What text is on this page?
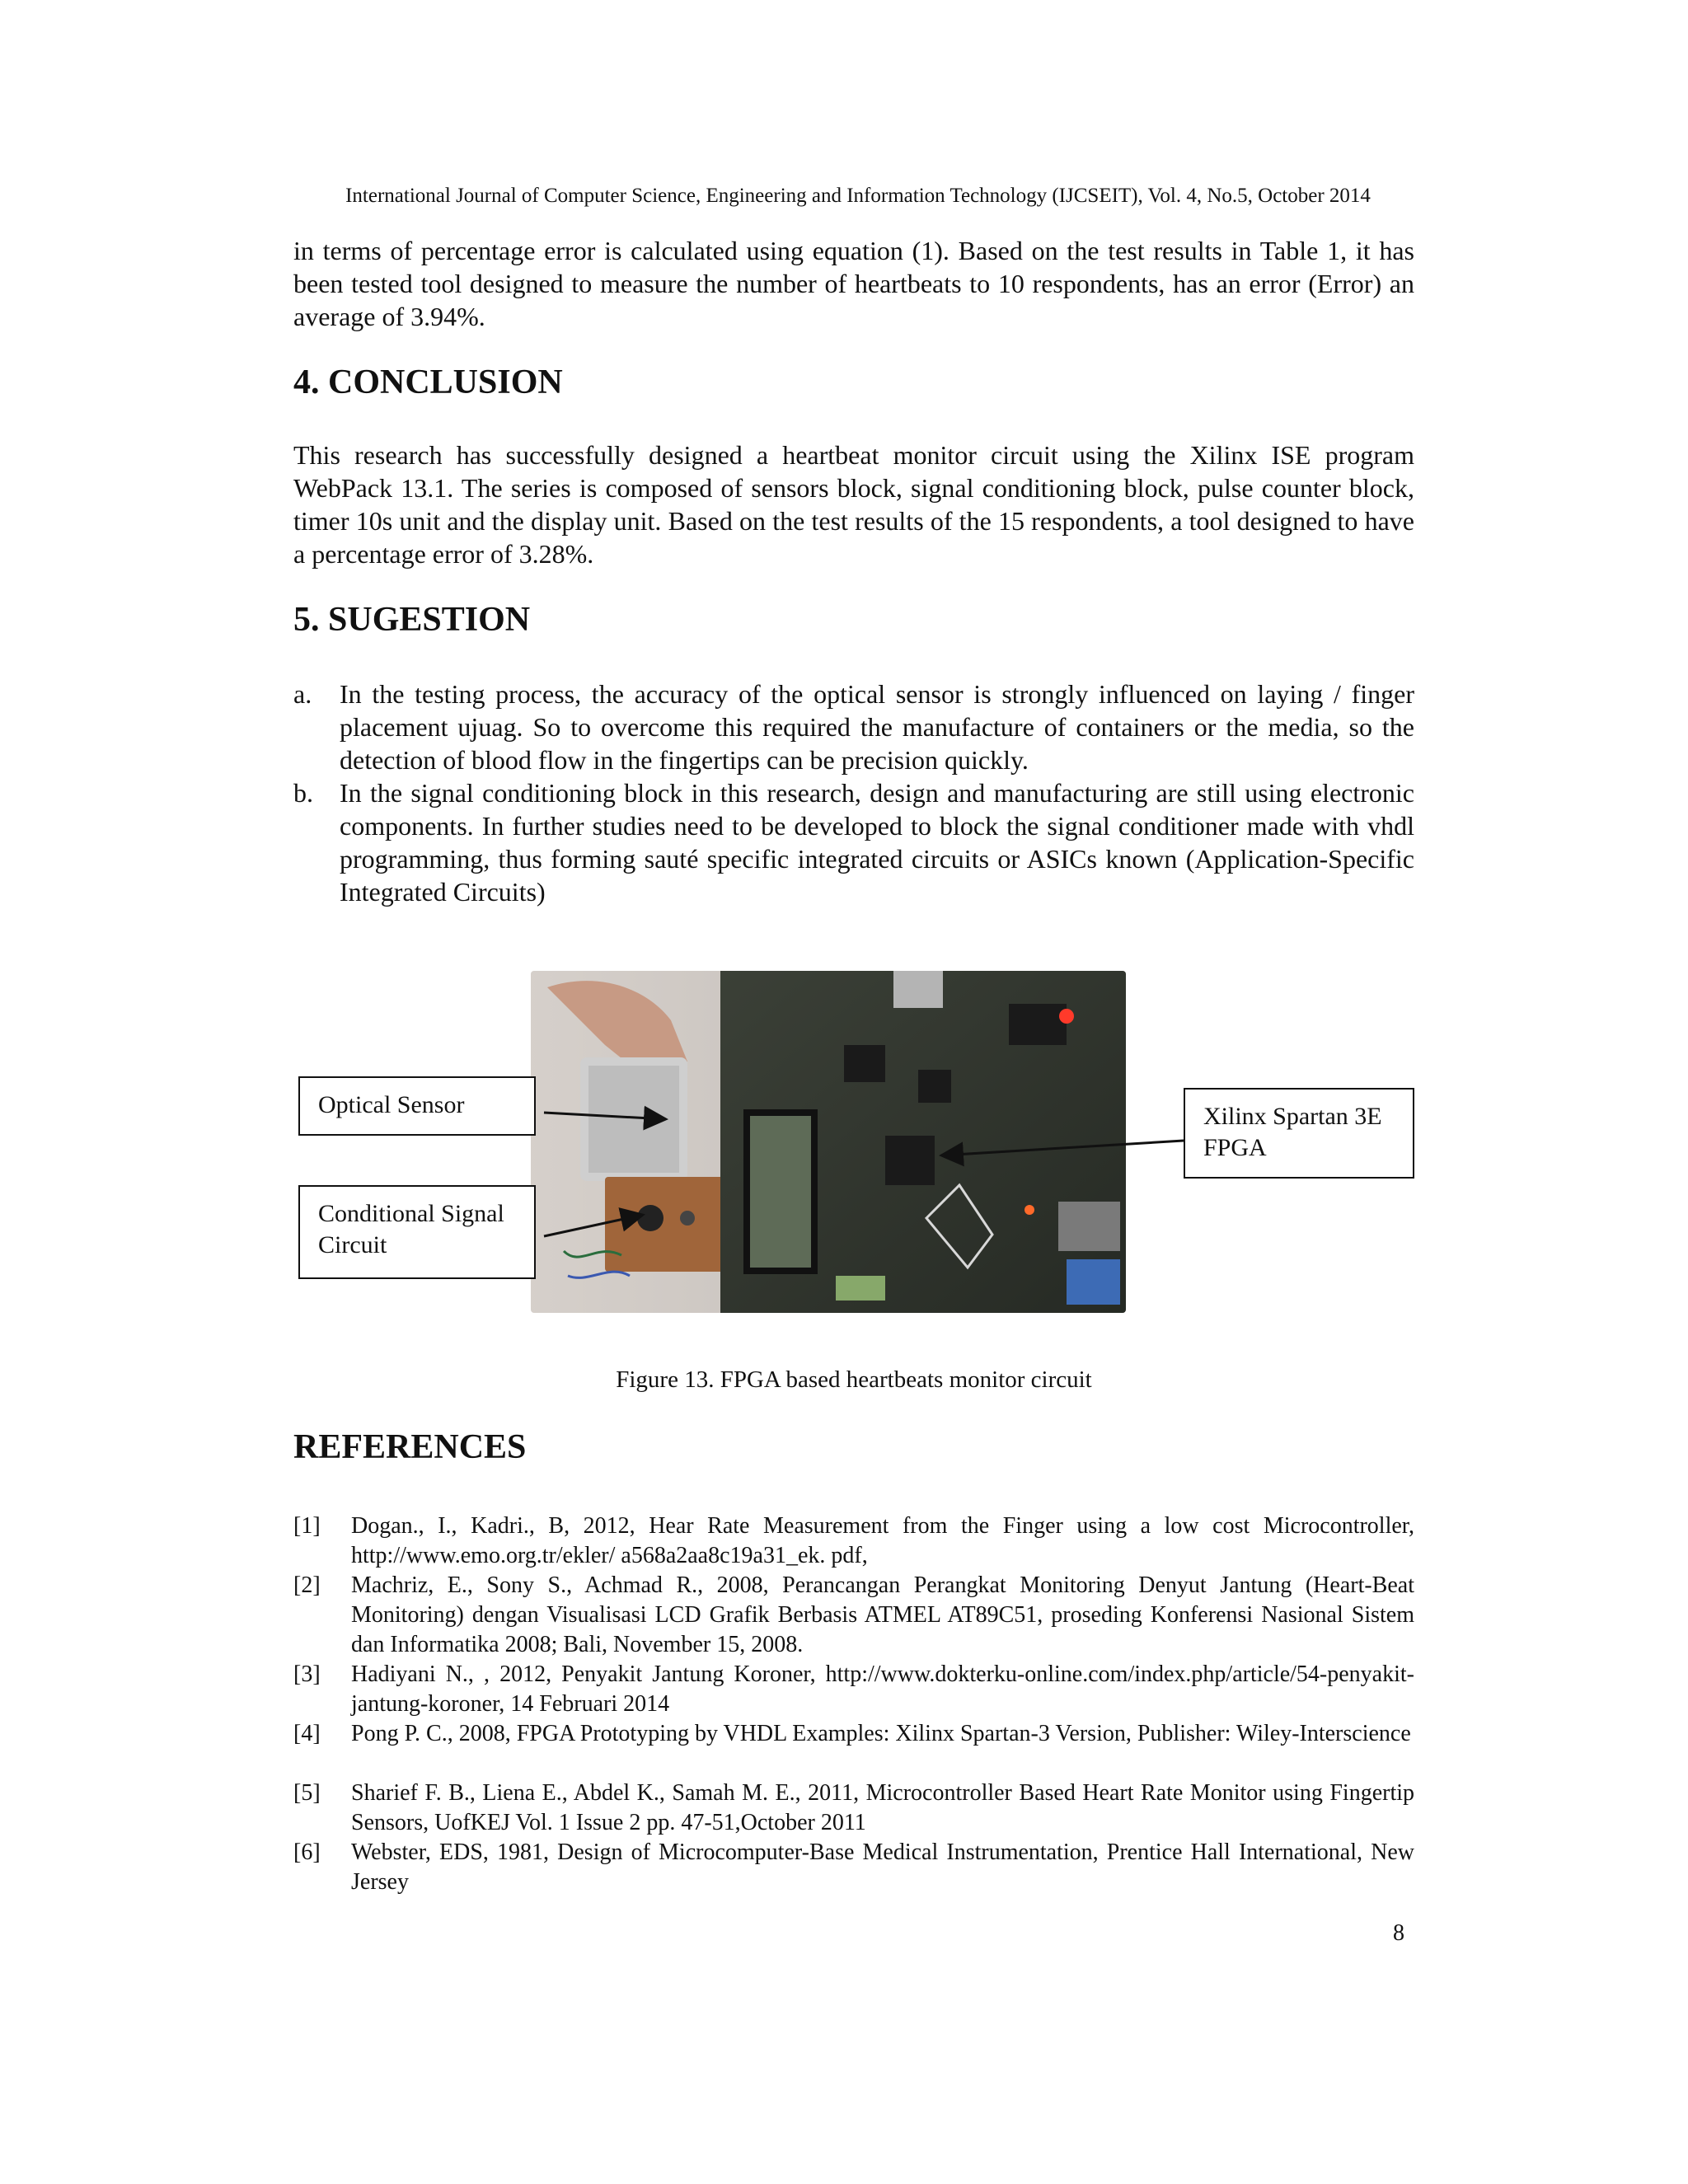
International Journal of Computer Science, Engineering and Information Technology (IJCSEIT), Vol. 4, No.5, October 2014

in terms of percentage error is calculated using equation (1). Based on the test results in Table 1, it has been tested tool designed to measure the number of heartbeats to 10 respondents, has an error (Error) an average of 3.94%.

4. CONCLUSION

This research has successfully designed a heartbeat monitor circuit using the Xilinx ISE program WebPack 13.1. The series is composed of sensors block, signal conditioning block, pulse counter block, timer 10s unit and the display unit. Based on the test results of the 15 respondents, a tool designed to have a percentage error of 3.28%.

5. SUGESTION
a.	In the testing process, the accuracy of the optical sensor is strongly influenced on laying / finger placement ujuag. So to overcome this required the manufacture of containers or the media, so the detection of blood flow in the fingertips can be precision quickly.
b.	In the signal conditioning block in this research, design and manufacturing are still using electronic components. In further studies need to be developed to block the signal conditioner made with vhdl programming, thus forming sauté specific integrated circuits or ASICs known (Application-Specific Integrated Circuits)
Optical Sensor
Conditional Signal Circuit
Xilinx Spartan 3E FPGA
Figure 13. FPGA based heartbeats monitor circuit
REFERENCES
[1] Dogan., I., Kadri., B, 2012, Hear Rate Measurement from the Finger using a low cost Microcontroller, http://www.emo.org.tr/ekler/ a568a2aa8c19a31_ek. pdf,
[2] Machriz, E., Sony S., Achmad R., 2008, Perancangan Perangkat Monitoring Denyut Jantung (Heart-Beat Monitoring) dengan Visualisasi LCD Grafik Berbasis ATMEL AT89C51, proseding Konferensi Nasional Sistem dan Informatika 2008; Bali, November 15, 2008.
[3] Hadiyani N., , 2012, Penyakit Jantung Koroner, http://www.dokterku-online.com/index.php/article/54-penyakit-jantung-koroner, 14 Februari 2014
[4] Pong P. C., 2008, FPGA Prototyping by VHDL Examples: Xilinx Spartan-3 Version, Publisher: Wiley-Interscience
[5] Sharief F. B., Liena E., Abdel K., Samah M. E., 2011, Microcontroller Based Heart Rate Monitor using Fingertip Sensors, UofKEJ Vol. 1 Issue 2 pp. 47-51,October 2011
[6] Webster, EDS, 1981, Design of Microcomputer-Base Medical Instrumentation, Prentice Hall International, New Jersey
8
